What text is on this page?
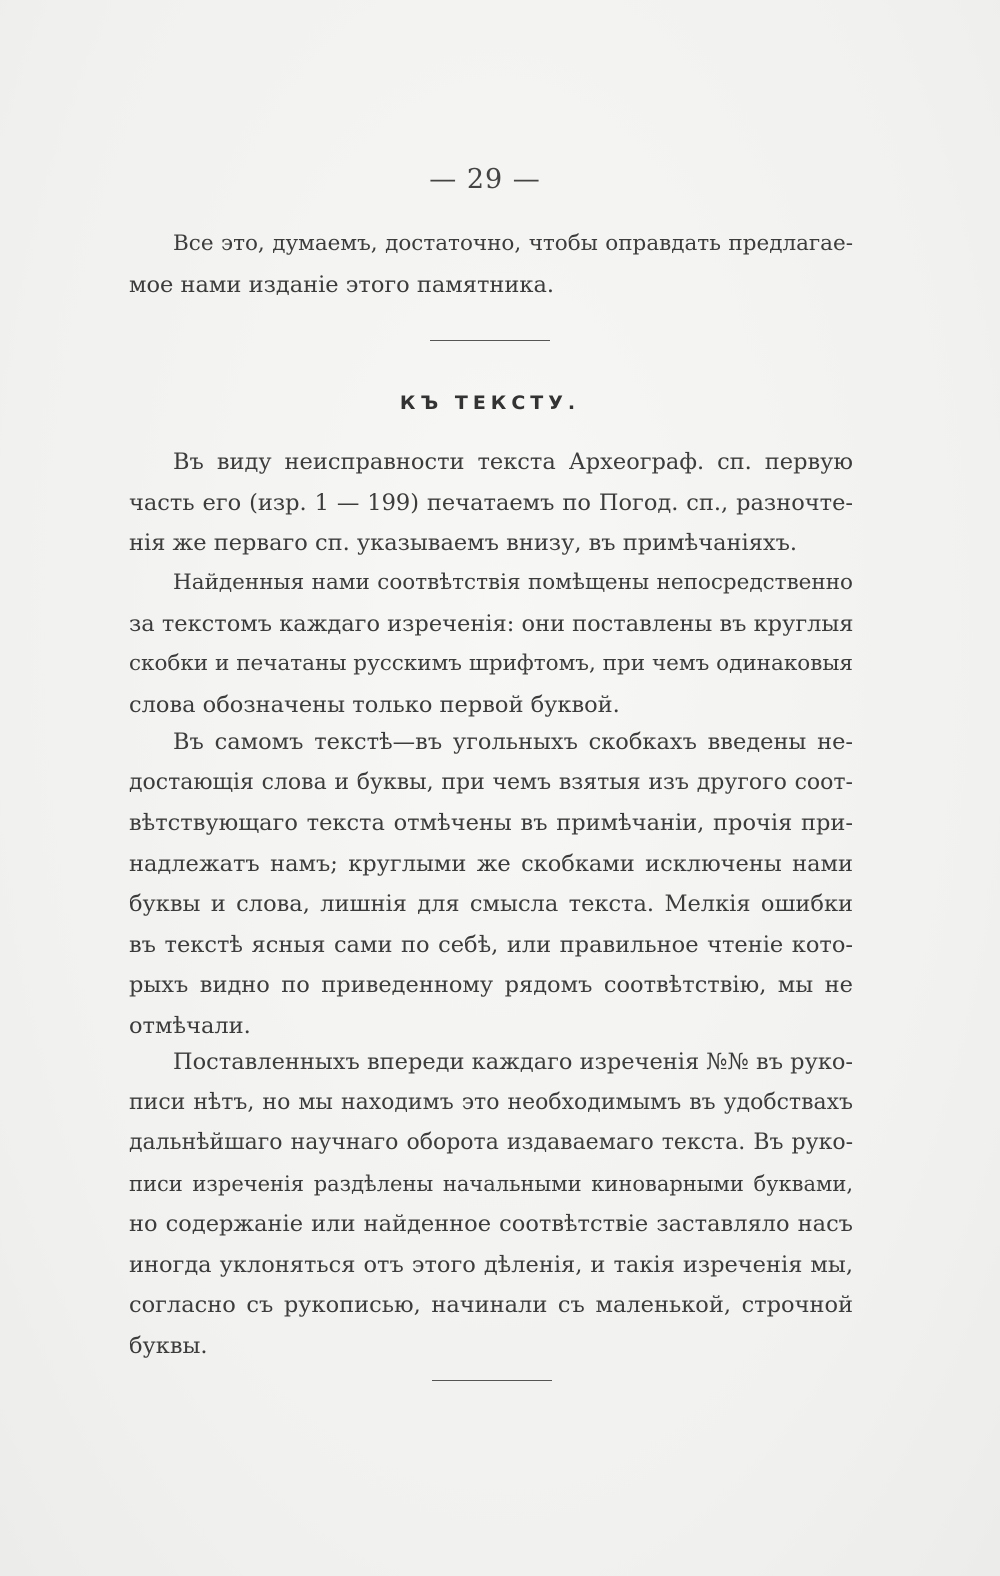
— 29 —
Все это, думаемъ, достаточно, чтобы оправдать предлагае-
мое нами изданіе этого памятника.
КЪ ТЕКСТУ.
Въ виду неисправности текста Археограф. сп. первую
часть его (изр. 1 — 199) печатаемъ по Погод. сп., разночте-
нія же перваго сп. указываемъ внизу, въ примѣчаніяхъ.
Найденныя нами соотвѣтствія помѣщены непосредственно
за текстомъ каждаго изреченія: они поставлены въ круглыя
скобки и печатаны русскимъ шрифтомъ, при чемъ одинаковыя
слова обозначены только первой буквой.
Въ самомъ текстѣ—въ угольныхъ скобкахъ введены не-
достающія слова и буквы, при чемъ взятыя изъ другого соот-
вѣтствующаго текста отмѣчены въ примѣчаніи, прочія при-
надлежатъ намъ; круглыми же скобками исключены нами
буквы и слова, лишнія для смысла текста. Мелкія ошибки
въ текстѣ ясныя сами по себѣ, или правильное чтеніе кото-
рыхъ видно по приведенному рядомъ соотвѣтствію, мы не
отмѣчали.
Поставленныхъ впереди каждаго изреченія №№ въ руко-
писи нѣтъ, но мы находимъ это необходимымъ въ удобствахъ
дальнѣйшаго научнаго оборота издаваемаго текста. Въ руко-
писи изреченія раздѣлены начальными киноварными буквами,
но содержаніе или найденное соотвѣтствіе заставляло насъ
иногда уклоняться отъ этого дѣленія, и такія изреченія мы,
согласно съ рукописью, начинали съ маленькой, строчной
буквы.
